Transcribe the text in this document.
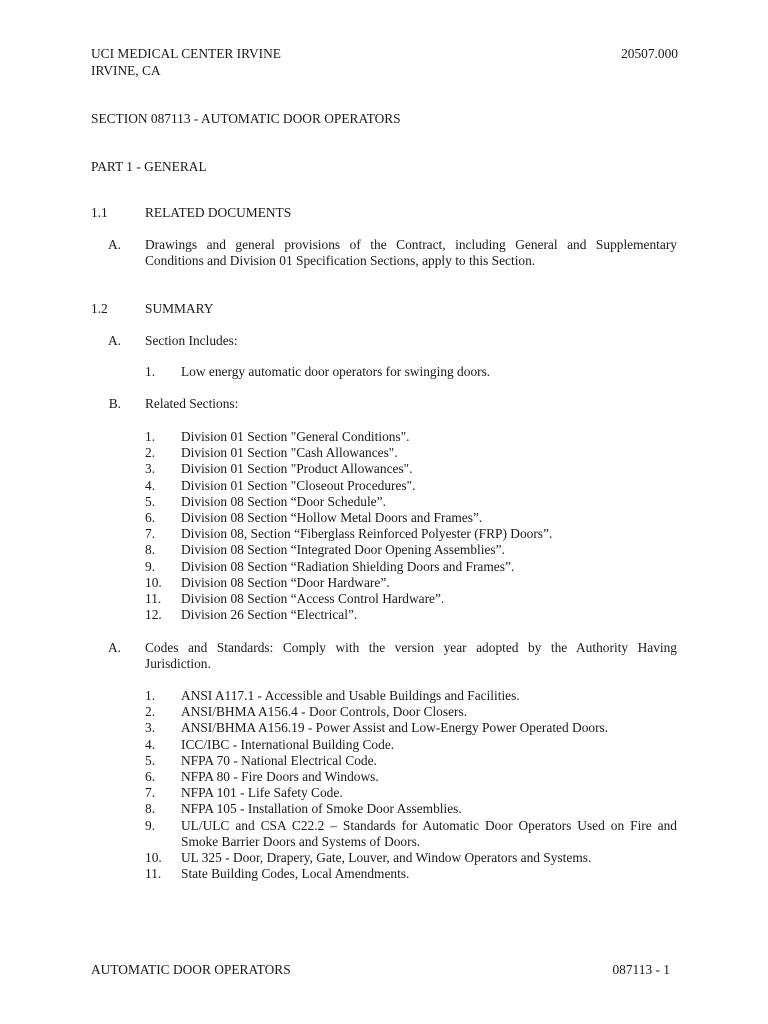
UCI MEDICAL CENTER IRVINE
IRVINE, CA
20507.000
SECTION 087113 - AUTOMATIC DOOR OPERATORS
PART 1 - GENERAL
1.1	RELATED DOCUMENTS
A. Drawings and general provisions of the Contract, including General and Supplementary Conditions and Division 01 Specification Sections, apply to this Section.
1.2	SUMMARY
A. Section Includes:
1. Low energy automatic door operators for swinging doors.
B. Related Sections:
1. Division 01 Section "General Conditions".
2. Division 01 Section "Cash Allowances".
3. Division 01 Section "Product Allowances".
4. Division 01 Section "Closeout Procedures".
5. Division 08 Section “Door Schedule”.
6. Division 08 Section “Hollow Metal Doors and Frames”.
7. Division 08, Section “Fiberglass Reinforced Polyester (FRP) Doors”.
8. Division 08 Section “Integrated Door Opening Assemblies”.
9. Division 08 Section “Radiation Shielding Doors and Frames”.
10. Division 08 Section “Door Hardware”.
11. Division 08 Section “Access Control Hardware”.
12. Division 26 Section “Electrical”.
A. Codes and Standards: Comply with the version year adopted by the Authority Having
Jurisdiction.
1. ANSI A117.1 - Accessible and Usable Buildings and Facilities.
2. ANSI/BHMA A156.4 - Door Controls, Door Closers.
3. ANSI/BHMA A156.19 - Power Assist and Low-Energy Power Operated Doors.
4. ICC/IBC - International Building Code.
5. NFPA 70 - National Electrical Code.
6. NFPA 80 - Fire Doors and Windows.
7. NFPA 101 - Life Safety Code.
8. NFPA 105 - Installation of Smoke Door Assemblies.
9. UL/ULC and CSA C22.2 – Standards for Automatic Door Operators Used on Fire and Smoke Barrier Doors and Systems of Doors.
10. UL 325 - Door, Drapery, Gate, Louver, and Window Operators and Systems.
11. State Building Codes, Local Amendments.
AUTOMATIC DOOR OPERATORS	087113 - 1
